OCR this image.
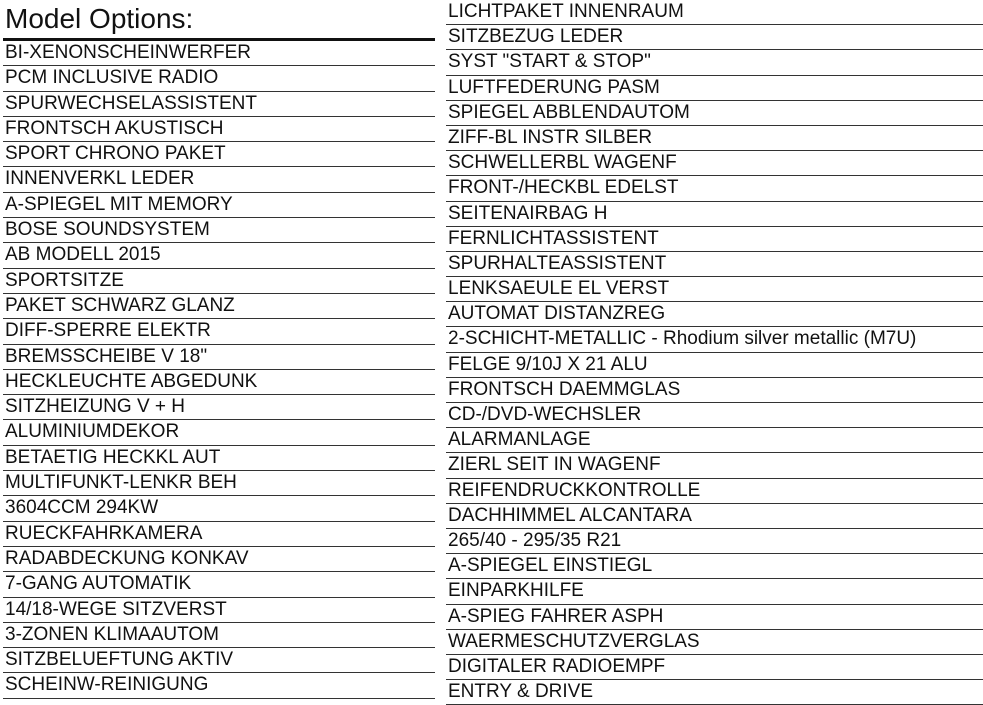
Model Options:
BI-XENONSCHEINWERFER
PCM INCLUSIVE RADIO
SPURWECHSELASSISTENT
FRONTSCH AKUSTISCH
SPORT CHRONO PAKET
INNENVERKL LEDER
A-SPIEGEL MIT MEMORY
BOSE SOUNDSYSTEM
AB MODELL 2015
SPORTSITZE
PAKET SCHWARZ GLANZ
DIFF-SPERRE ELEKTR
BREMSSCHEIBE V 18"
HECKLEUCHTE ABGEDUNK
SITZHEIZUNG V + H
ALUMINIUMDEKOR
BETAETIG HECKKL AUT
MULTIFUNKT-LENKR BEH
3604CCM 294KW
RUECKFAHRKAMERA
RADABDECKUNG KONKAV
7-GANG AUTOMATIK
14/18-WEGE SITZVERST
3-ZONEN KLIMAAUTOM
SITZBELUEFTUNG AKTIV
SCHEINW-REINIGUNG
LICHTPAKET INNENRAUM
SITZBEZUG LEDER
SYST "START & STOP"
LUFTFEDERUNG PASM
SPIEGEL ABBLENDAUTOM
ZIFF-BL INSTR SILBER
SCHWELLERBL WAGENF
FRONT-/HECKBL EDELST
SEITENAIRBAG H
FERNLICHTASSISTENT
SPURHALTEASSISTENT
LENKSAEULE EL VERST
AUTOMAT DISTANZREG
2-SCHICHT-METALLIC - Rhodium silver metallic (M7U)
FELGE 9/10J X 21 ALU
FRONTSCH DAEMMGLAS
CD-/DVD-WECHSLER
ALARMANLAGE
ZIERL SEIT IN WAGENF
REIFENDRUCKKONTROLLE
DACHHIMMEL ALCANTARA
265/40 - 295/35 R21
A-SPIEGEL EINSTIEGL
EINPARKHILFE
A-SPIEG FAHRER ASPH
WAERMESCHUTZVERGLAS
DIGITALER RADIOEMPF
ENTRY & DRIVE
